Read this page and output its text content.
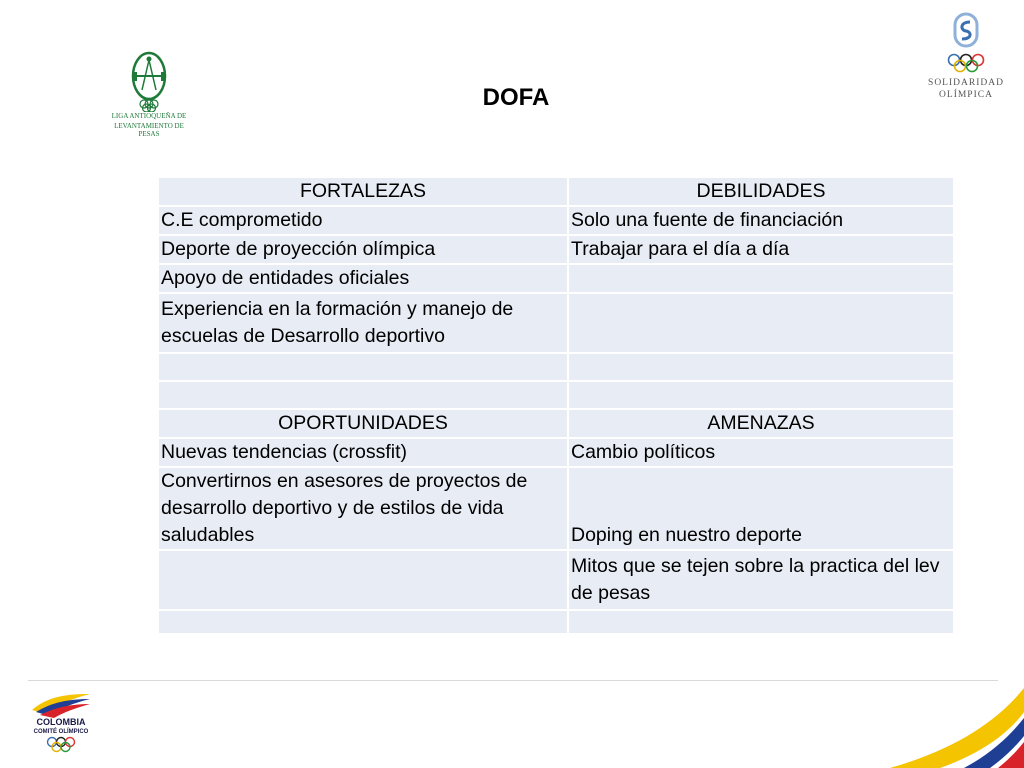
DOFA
LIGA ANTIOQUEÑA DE
LEVANTAMIENTO DE PESAS
SOLIDARIDAD
OLÍMPICA
FORTALEZAS	DEBILIDADES
C.E comprometido	Solo una fuente de financiación
Deporte de proyección olímpica	Trabajar para el día a día
Apoyo de entidades oficiales	
Experiencia en la formación y manejo de escuelas de Desarrollo deportivo	

OPORTUNIDADES	AMENAZAS
Nuevas tendencias (crossfit)	Cambio políticos
Convertirnos en asesores de proyectos de desarrollo deportivo y de estilos de vida saludables	Doping en nuestro deporte
	Mitos que se tejen sobre la practica del lev de pesas

COLOMBIA
COMITÉ OLÍMPICO
